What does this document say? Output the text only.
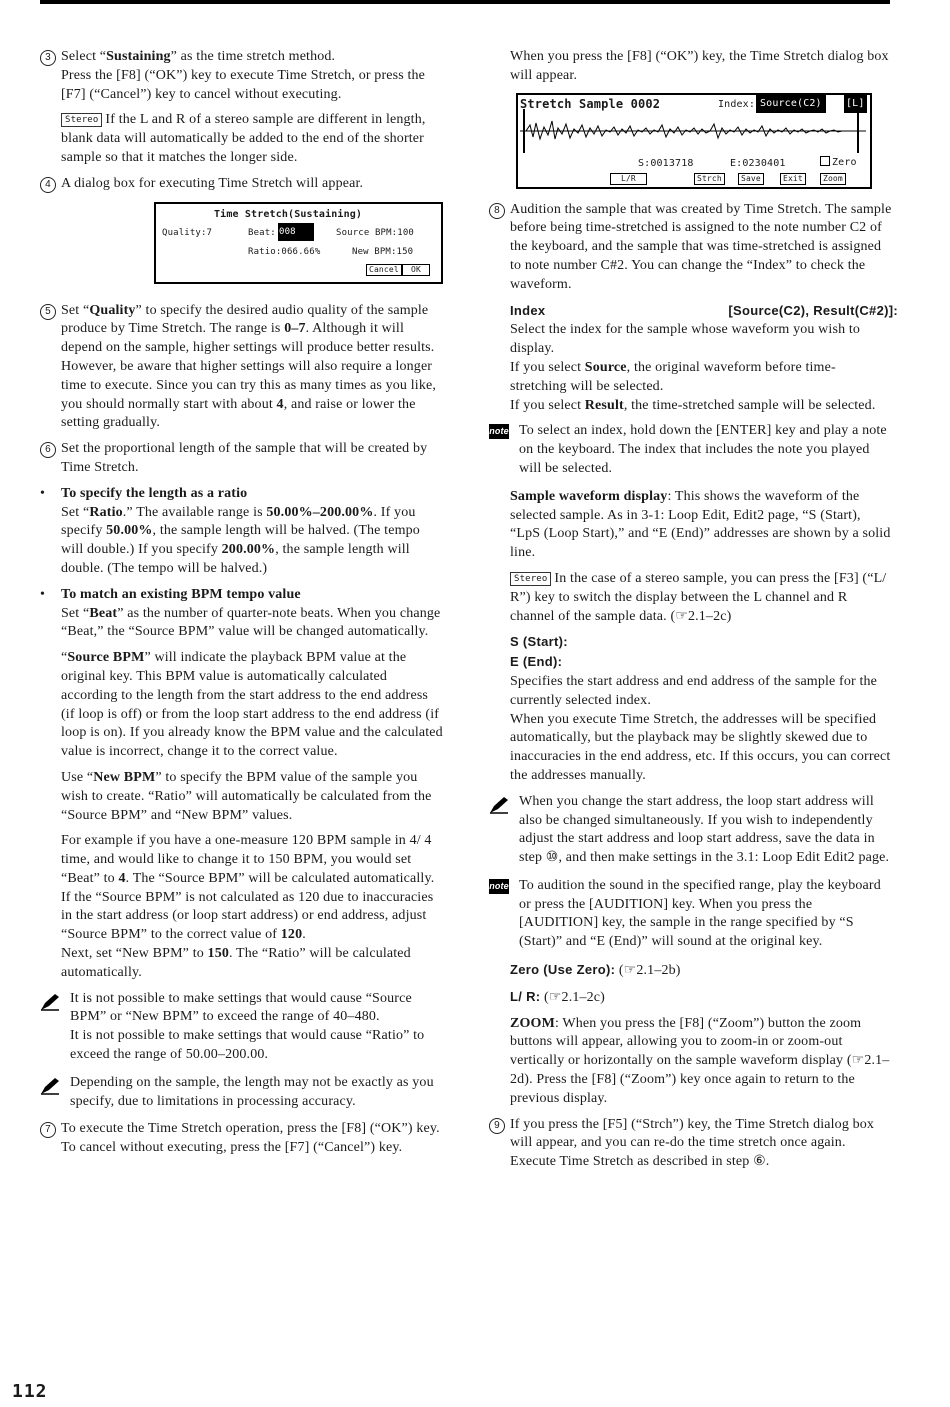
3 Select “Sustaining” as the time stretch method.
Press the [F8] (“OK”) key to execute Time Stretch, or press the [F7] (“Cancel”) key to cancel without executing.
Stereo If the L and R of a stereo sample are different in length, blank data will automatically be added to the end of the shorter sample so that it matches the longer side.
4 A dialog box for executing Time Stretch will appear.
Time Stretch(Sustaining)
Quality:7	Beat: 008	Source BPM:100
Ratio:066.66%	New BPM:150
Cancel	OK
5 Set “Quality” to specify the desired audio quality of the sample produce by Time Stretch. The range is 0–7. Although it will depend on the sample, higher settings will produce better results. However, be aware that higher settings will also require a longer time to execute. Since you can try this as many times as you like, you should normally start with about 4, and raise or lower the setting gradually.
6 Set the proportional length of the sample that will be created by Time Stretch.
• To specify the length as a ratio
Set “Ratio.” The available range is 50.00%–200.00%. If you specify 50.00%, the sample length will be halved. (The tempo will double.) If you specify 200.00%, the sample length will double. (The tempo will be halved.)
• To match an existing BPM tempo value
Set “Beat” as the number of quarter-note beats. When you change “Beat,” the “Source BPM” value will be changed automatically.
“Source BPM” will indicate the playback BPM value at the original key. This BPM value is automatically calculated according to the length from the start address to the end address (if loop is off) or from the loop start address to the end address (if loop is on). If you already know the BPM value and the calculated value is incorrect, change it to the correct value.
Use “New BPM” to specify the BPM value of the sample you wish to create. “Ratio” will automatically be calculated from the “Source BPM” and “New BPM” values.
For example if you have a one-measure 120 BPM sample in 4/ 4 time, and would like to change it to 150 BPM, you would set “Beat” to 4. The “Source BPM” will be calculated automatically. If the “Source BPM” is not calculated as 120 due to inaccuracies in the start address (or loop start address) or end address, adjust “Source BPM” to the correct value of 120.
Next, set “New BPM” to 150. The “Ratio” will be calculated automatically.
It is not possible to make settings that would cause “Source BPM” or “New BPM” to exceed the range of 40–480.
It is not possible to make settings that would cause “Ratio” to exceed the range of 50.00–200.00.
Depending on the sample, the length may not be exactly as you specify, due to limitations in processing accuracy.
7 To execute the Time Stretch operation, press the [F8] (“OK”) key. To cancel without executing, press the [F7] (“Cancel”) key.
When you press the [F8] (“OK”) key, the Time Stretch dialog box will appear.
Stretch Sample 0002	Index: Source(C2)	[L]
S:0013718	E:0230401	Zero
L/R	Strch	Save	Exit	Zoom
8 Audition the sample that was created by Time Stretch. The sample before being time-stretched is assigned to the note number C2 of the keyboard, and the sample that was time-stretched is assigned to note number C#2. You can change the “Index” to check the waveform.
Index	[Source(C2), Result(C#2)]:
Select the index for the sample whose waveform you wish to display.
If you select Source, the original waveform before time-stretching will be selected.
If you select Result, the time-stretched sample will be selected.
note To select an index, hold down the [ENTER] key and play a note on the keyboard. The index that includes the note you played will be selected.
Sample waveform display: This shows the waveform of the selected sample. As in 3-1: Loop Edit, Edit2 page, “S (Start), “LpS (Loop Start),” and “E (End)” addresses are shown by a solid line.
Stereo In the case of a stereo sample, you can press the [F3] (“L/ R”) key to switch the display between the L channel and R channel of the sample data. (☞2.1–2c)
S (Start):
E (End):
Specifies the start address and end address of the sample for the currently selected index.
When you execute Time Stretch, the addresses will be specified automatically, but the playback may be slightly skewed due to inaccuracies in the end address, etc. If this occurs, you can correct the addresses manually.
When you change the start address, the loop start address will also be changed simultaneously. If you wish to independently adjust the start address and loop start address, save the data in step ⑩, and then make settings in the 3.1: Loop Edit Edit2 page.
note To audition the sound in the specified range, play the keyboard or press the [AUDITION] key. When you press the [AUDITION] key, the sample in the range specified by “S (Start)” and “E (End)” will sound at the original key.
Zero (Use Zero): (☞2.1–2b)
L/ R: (☞2.1–2c)
ZOOM: When you press the [F8] (“Zoom”) button the zoom buttons will appear, allowing you to zoom-in or zoom-out vertically or horizontally on the sample waveform display (☞2.1–2d). Press the [F8] (“Zoom”) key once again to return to the previous display.
9 If you press the [F5] (“Strch”) key, the Time Stretch dialog box will appear, and you can re-do the time stretch once again. Execute Time Stretch as described in step ⑥.
112
